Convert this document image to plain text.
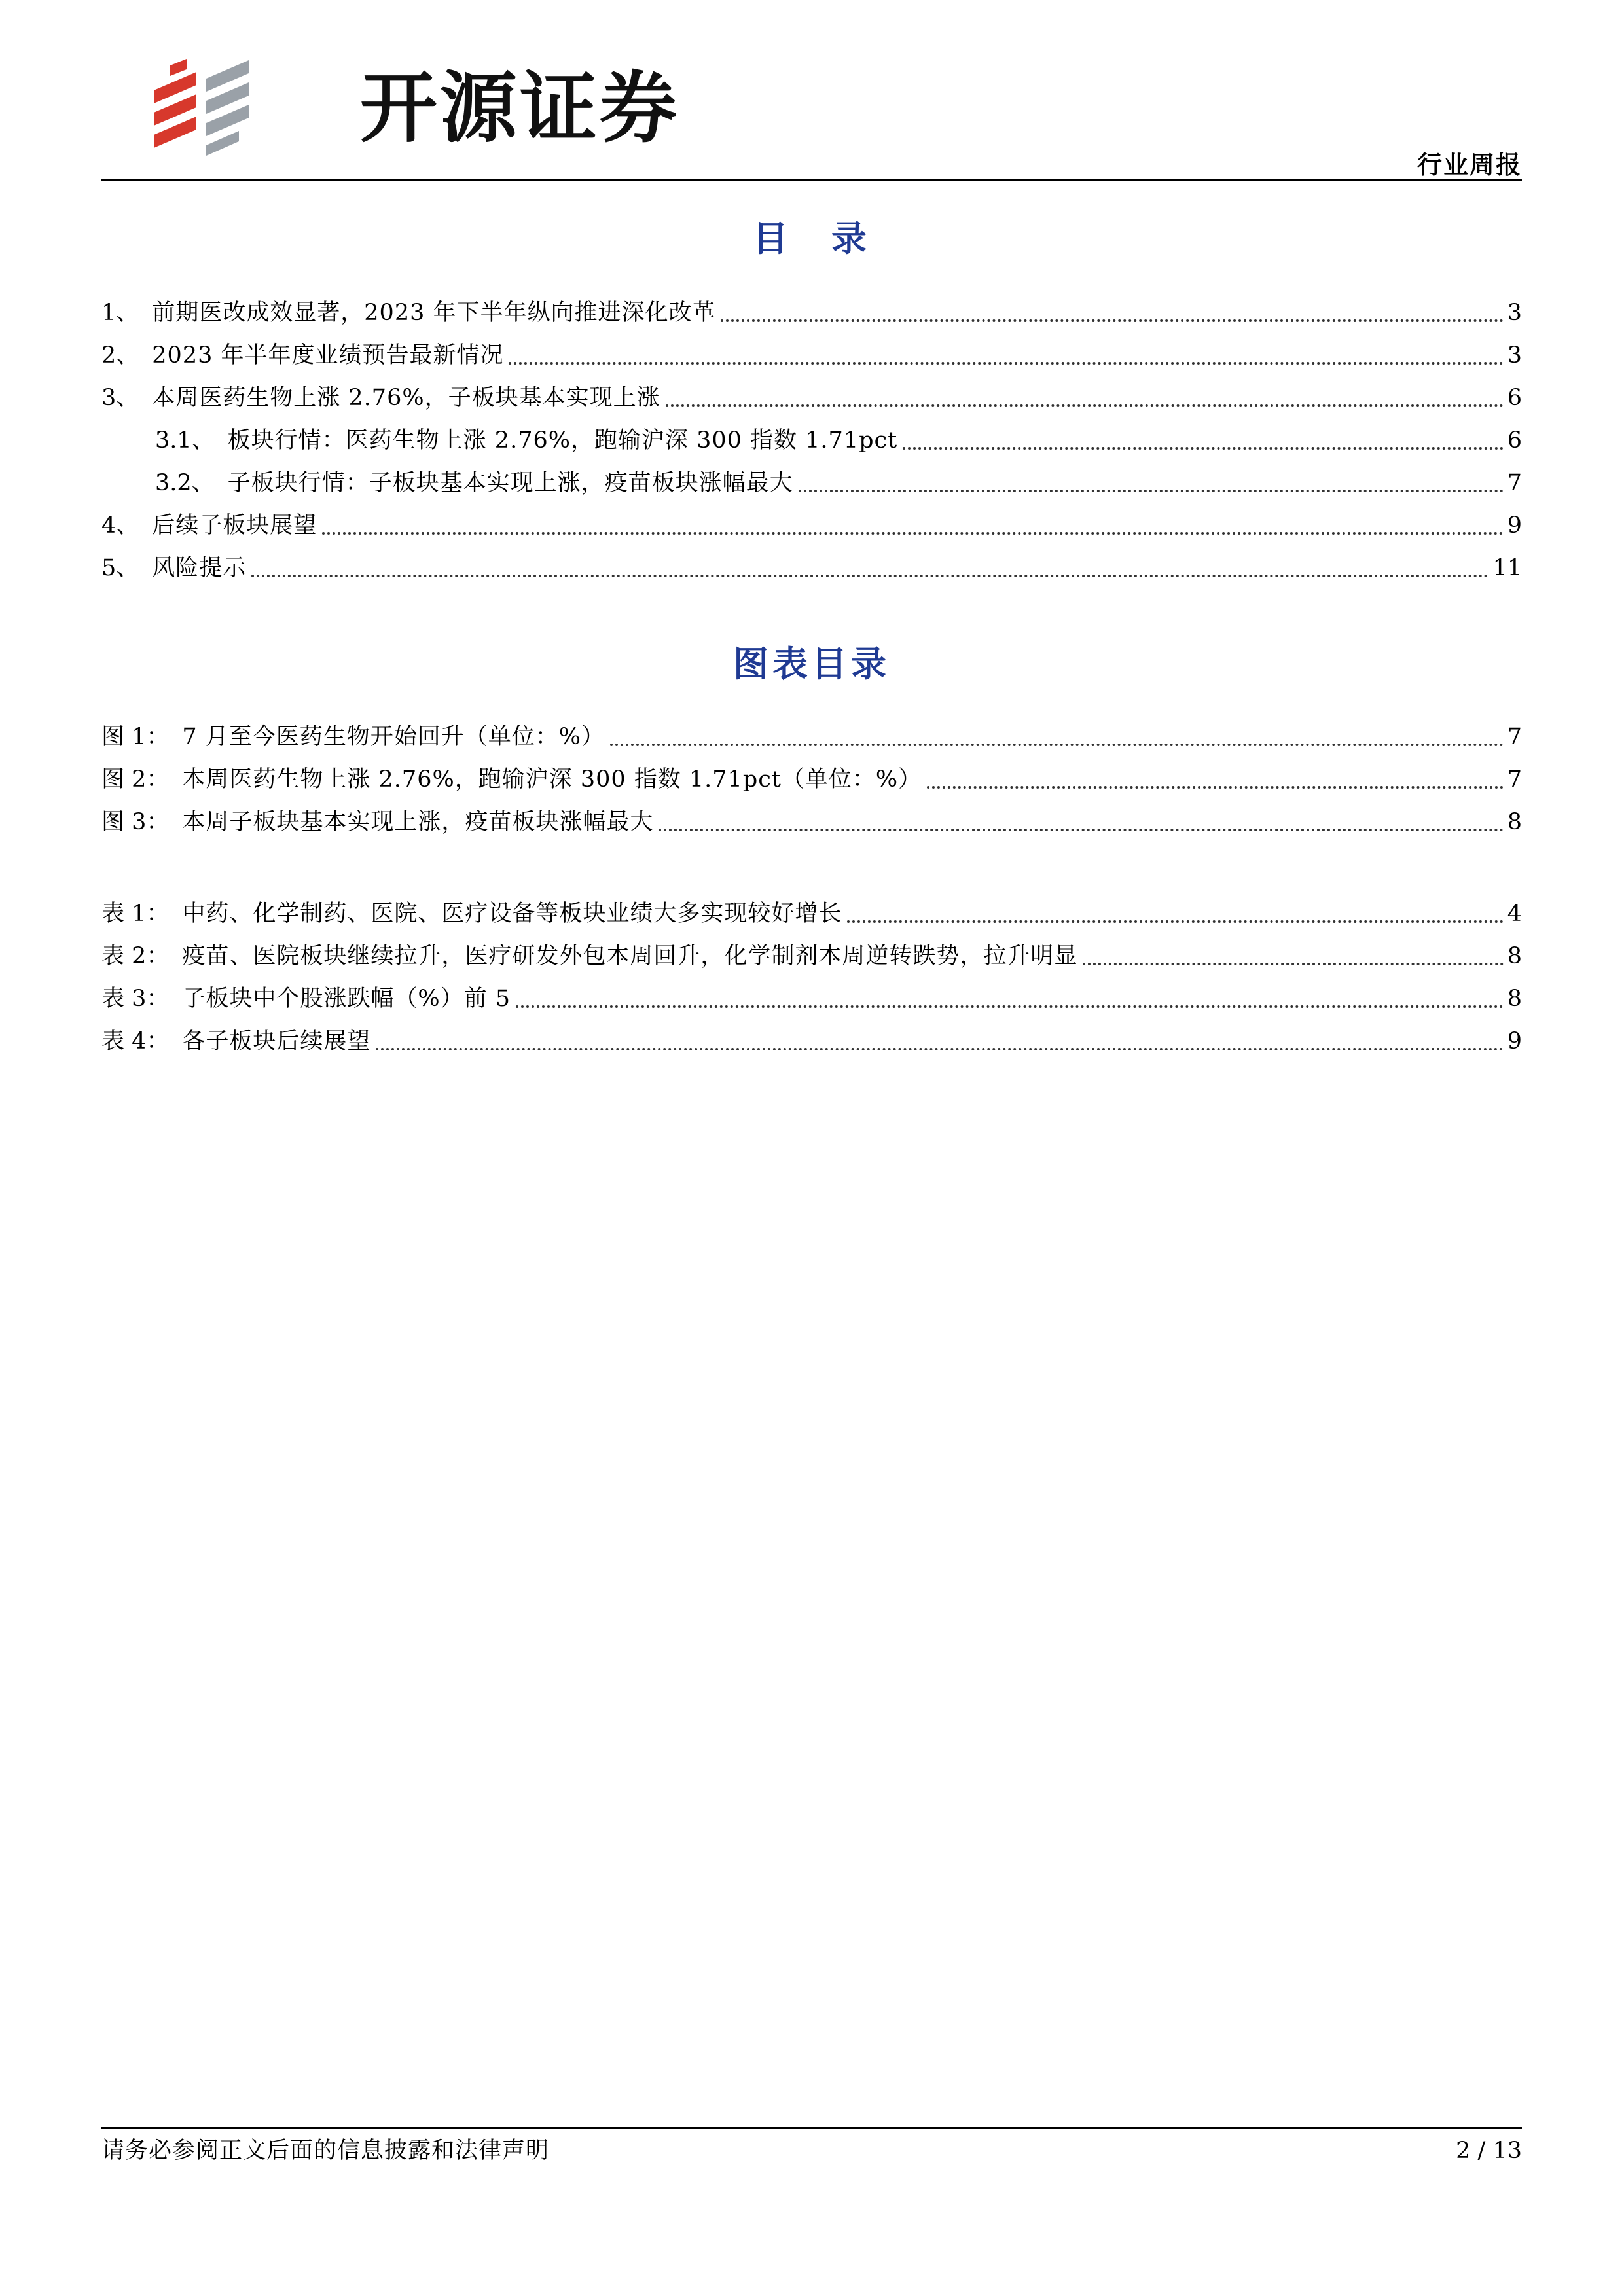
开源证券
行业周报
目　录
1、 前期医改成效显著，2023 年下半年纵向推进深化改革	3
2、 2023 年半年度业绩预告最新情况	3
3、 本周医药生物上涨 2.76%，子板块基本实现上涨	6
3.1、 板块行情：医药生物上涨 2.76%，跑输沪深 300 指数 1.71pct	6
3.2、 子板块行情：子板块基本实现上涨，疫苗板块涨幅最大	7
4、 后续子板块展望	9
5、 风险提示	11
图表目录
图 1： 7 月至今医药生物开始回升（单位：%）	7
图 2： 本周医药生物上涨 2.76%，跑输沪深 300 指数 1.71pct（单位：%）	7
图 3： 本周子板块基本实现上涨，疫苗板块涨幅最大	8
表 1： 中药、化学制药、医院、医疗设备等板块业绩大多实现较好增长	4
表 2： 疫苗、医院板块继续拉升，医疗研发外包本周回升，化学制剂本周逆转跌势，拉升明显	8
表 3： 子板块中个股涨跌幅（%）前 5	8
表 4： 各子板块后续展望	9
请务必参阅正文后面的信息披露和法律声明	2 / 13
